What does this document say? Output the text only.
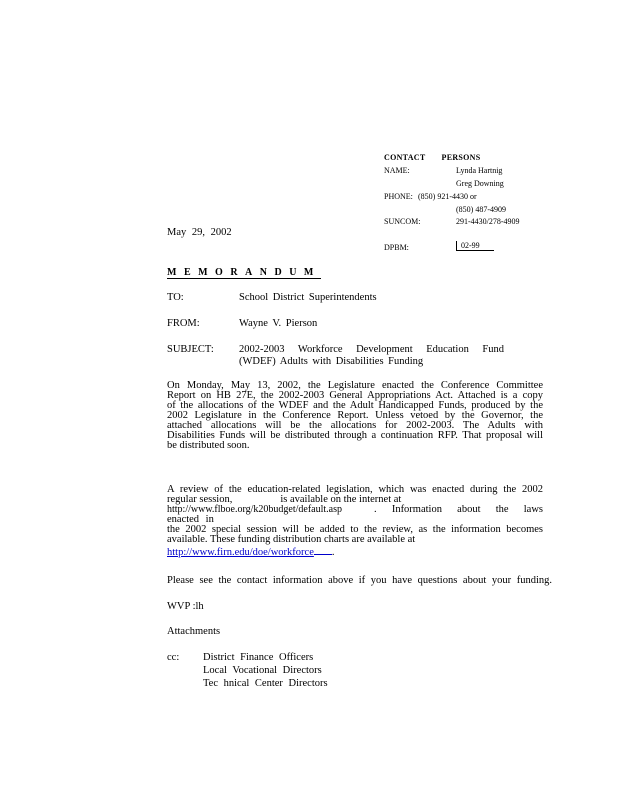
CONTACT PERSONS
NAME:	Lynda Hartnig
Greg Downing
PHONE: (850) 921-4430 or
(850) 487-4909
SUNCOM:	291-4430/278-4909
DPBM:	02-99
May 29, 2002
MEMORANDUM
TO:	School District Superintendents
FROM:	Wayne V. Pierson
SUBJECT: 2002-2003 Workforce Development Education Fund
(WDEF) Adults with Disabilities Funding
On Monday, May 13, 2002, the Legislature enacted the Conference Committee
Report on HB 27E, the 2002-2003 General Appropriations Act. Attached is a copy
of the allocations of the WDEF and the Adult Handicapped Funds, produced by the
2002 Legislature in the Conference Report. Unless vetoed by the Governor, the
attached allocations will be the allocations for 2002-2003. The Adults with
Disabilities Funds will be distributed through a continuation RFP. That proposal will
be distributed soon.
A review of the education-related legislation, which was enacted during the 2002
regular session,	is available on the internet at
http://www.flboe.org/k20budget/default.asp	. Information about the laws enacted in
the 2002 special session will be added to the review, as the information becomes
available. These funding distribution charts are available at
http://www.firn.edu/doe/workforce .
Please see the contact information above if you have questions about your funding.
WVP :lh
Attachments
cc: District Finance Officers
Local Vocational Directors
Tec hnical Center Directors
